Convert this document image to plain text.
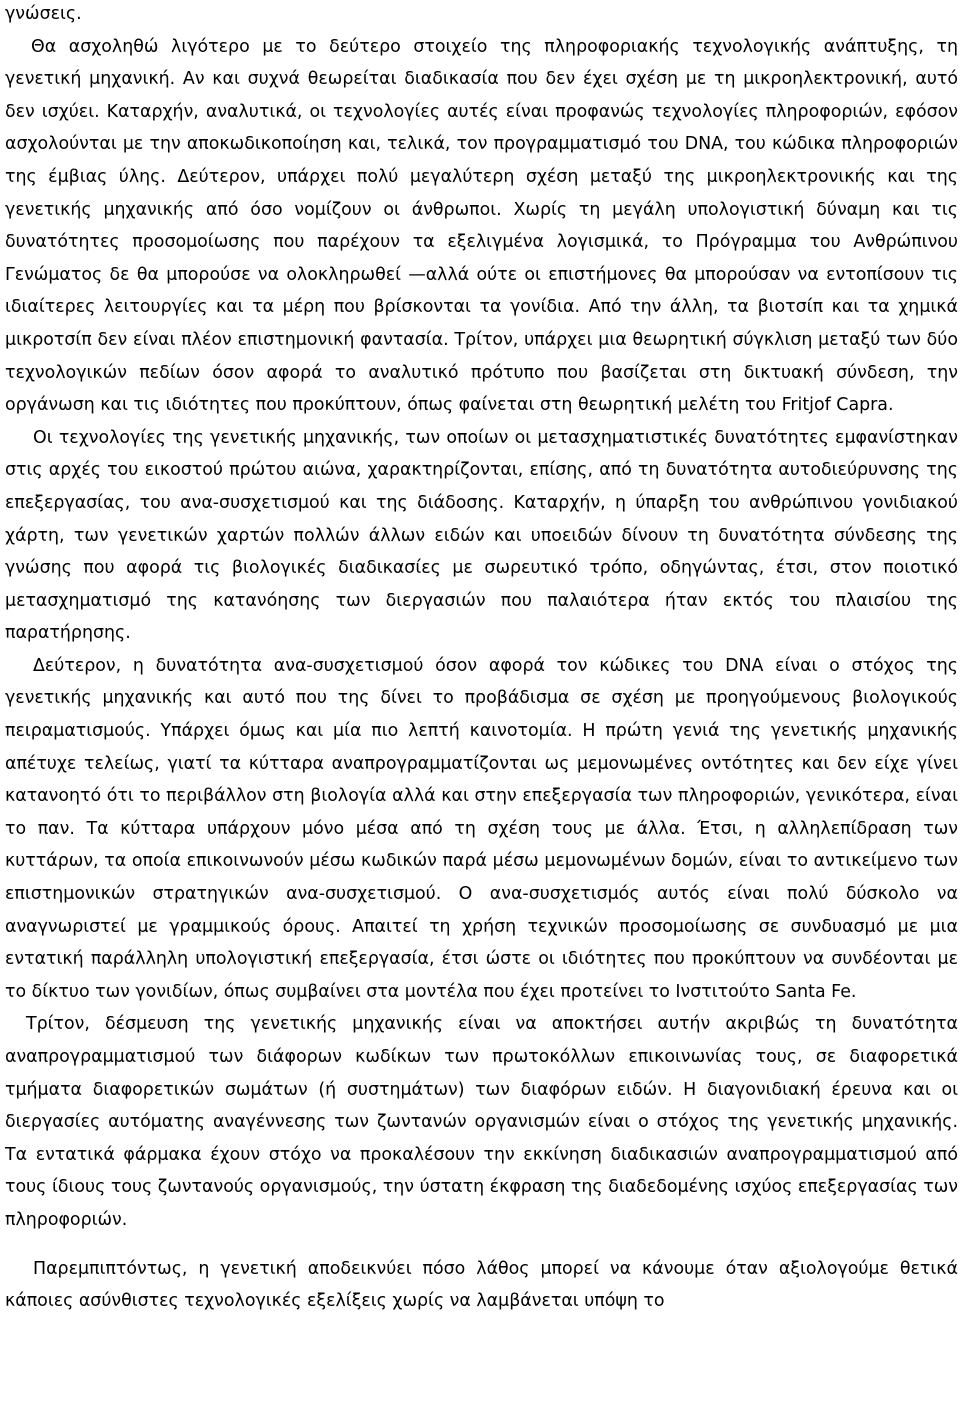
γνώσεις.

Θα ασχοληθώ λιγότερο με το δεύτερο στοιχείο της πληροφοριακής τεχνολογικής ανάπτυξης, τη γενετική μηχανική. Αν και συχνά θεωρείται διαδικασία που δεν έχει σχέση με τη μικροηλεκτρονική, αυτό δεν ισχύει. Καταρχήν, αναλυτικά, οι τεχνολογίες αυτές είναι προφανώς τεχνολογίες πληροφοριών, εφόσον ασχολούνται με την αποκωδικοποίηση και, τελικά, τον προγραμματισμό του DNA, του κώδικα πληροφοριών της έμβιας ύλης. Δεύτερον, υπάρχει πολύ μεγαλύτερη σχέση μεταξύ της μικροηλεκτρονικής και της γενετικής μηχανικής από όσο νομίζουν οι άνθρωποι. Χωρίς τη μεγάλη υπολογιστική δύναμη και τις δυνατότητες προσομοίωσης που παρέχουν τα εξελιγμένα λογισμικά, το Πρόγραμμα του Ανθρώπινου Γενώματος δε θα μπορούσε να ολοκληρωθεί —αλλά ούτε οι επιστήμονες θα μπορούσαν να εντοπίσουν τις ιδιαίτερες λειτουργίες και τα μέρη που βρίσκονται τα γονίδια. Από την άλλη, τα βιοτσίπ και τα χημικά μικροτσίπ δεν είναι πλέον επιστημονική φαντασία. Τρίτον, υπάρχει μια θεωρητική σύγκλιση μεταξύ των δύο τεχνολογικών πεδίων όσον αφορά το αναλυτικό πρότυπο που βασίζεται στη δικτυακή σύνδεση, την οργάνωση και τις ιδιότητες που προκύπτουν, όπως φαίνεται στη θεωρητική μελέτη του Fritjof Capra.

Οι τεχνολογίες της γενετικής μηχανικής, των οποίων οι μετασχηματιστικές δυνατότητες εμφανίστηκαν στις αρχές του εικοστού πρώτου αιώνα, χαρακτηρίζονται, επίσης, από τη δυνατότητα αυτοδιεύρυνσης της επεξεργασίας, του ανα-συσχετισμού και της διάδοσης. Καταρχήν, η ύπαρξη του ανθρώπινου γονιδιακού χάρτη, των γενετικών χαρτών πολλών άλλων ειδών και υποειδών δίνουν τη δυνατότητα σύνδεσης της γνώσης που αφορά τις βιολογικές διαδικασίες με σωρευτικό τρόπο, οδηγώντας, έτσι, στον ποιοτικό μετασχηματισμό της κατανόησης των διεργασιών που παλαιότερα ήταν εκτός του πλαισίου της παρατήρησης.

Δεύτερον, η δυνατότητα ανα-συσχετισμού όσον αφορά τον κώδικες του DNA είναι ο στόχος της γενετικής μηχανικής και αυτό που της δίνει το προβάδισμα σε σχέση με προηγούμενους βιολογικούς πειραματισμούς. Υπάρχει όμως και μία πιο λεπτή καινοτομία. Η πρώτη γενιά της γενετικής μηχανικής απέτυχε τελείως, γιατί τα κύτταρα αναπρογραμματίζονται ως μεμονωμένες οντότητες και δεν είχε γίνει κατανοητό ότι το περιβάλλον στη βιολογία αλλά και στην επεξεργασία των πληροφοριών, γενικότερα, είναι το παν. Τα κύτταρα υπάρχουν μόνο μέσα από τη σχέση τους με άλλα. Έτσι, η αλληλεπίδραση των κυττάρων, τα οποία επικοινωνούν μέσω κωδικών παρά μέσω μεμονωμένων δομών, είναι το αντικείμενο των επιστημονικών στρατηγικών ανα-συσχετισμού. Ο ανα-συσχετισμός αυτός είναι πολύ δύσκολο να αναγνωριστεί με γραμμικούς όρους. Απαιτεί τη χρήση τεχνικών προσομοίωσης σε συνδυασμό με μια εντατική παράλληλη υπολογιστική επεξεργασία, έτσι ώστε οι ιδιότητες που προκύπτουν να συνδέονται με το δίκτυο των γονιδίων, όπως συμβαίνει στα μοντέλα που έχει προτείνει το Ινστιτούτο Santa Fe.

Τρίτον, δέσμευση της γενετικής μηχανικής είναι να αποκτήσει αυτήν ακριβώς τη δυνατότητα αναπρογραμματισμού των διάφορων κωδίκων των πρωτοκόλλων επικοινωνίας τους, σε διαφορετικά τμήματα διαφορετικών σωμάτων (ή συστημάτων) των διαφόρων ειδών. Η διαγονιδιακή έρευνα και οι διεργασίες αυτόματης αναγέννεσης των ζωντανών οργανισμών είναι ο στόχος της γενετικής μηχανικής. Τα εντατικά φάρμακα έχουν στόχο να προκαλέσουν την εκκίνηση διαδικασιών αναπρογραμματισμού από τους ίδιους τους ζωντανούς οργανισμούς, την ύστατη έκφραση της διαδεδομένης ισχύος επεξεργασίας των πληροφοριών.

Παρεμπιπτόντως, η γενετική αποδεικνύει πόσο λάθος μπορεί να κάνουμε όταν αξιολογούμε θετικά κάποιες ασύνθιστες τεχνολογικές εξελίξεις χωρίς να λαμβάνεται υπόψη το
